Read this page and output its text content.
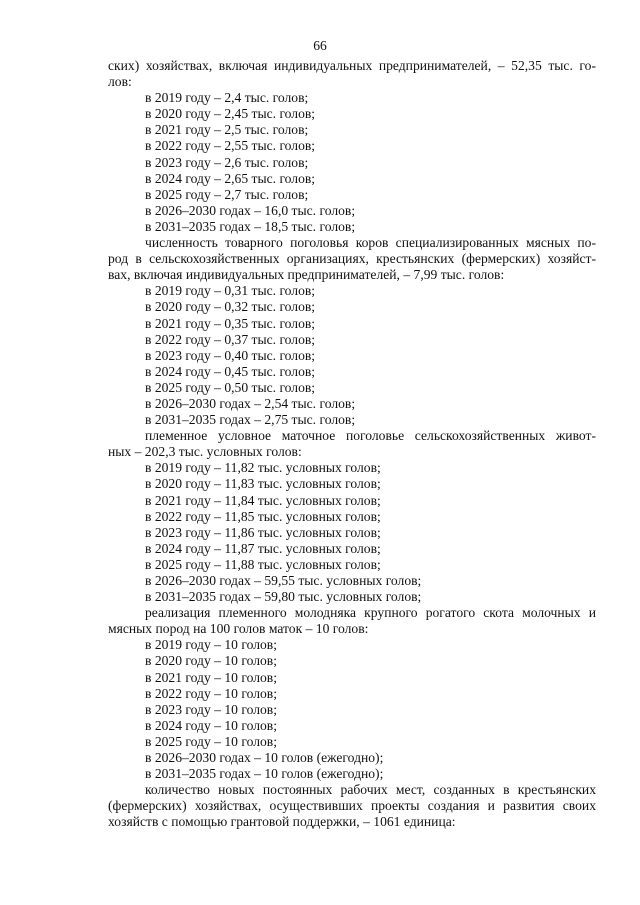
66

ских) хозяйствах, включая индивидуальных предпринимателей, – 52,35 тыс. го-

лов:

в 2019 году – 2,4 тыс. голов;

в 2020 году – 2,45 тыс. голов;

в 2021 году – 2,5 тыс. голов;

в 2022 году – 2,55 тыс. голов;

в 2023 году – 2,6 тыс. голов;

в 2024 году – 2,65 тыс. голов;

в 2025 году – 2,7 тыс. голов;

в 2026–2030 годах – 16,0 тыс. голов;

в 2031–2035 годах – 18,5 тыс. голов;

численность товарного поголовья коров специализированных мясных по-

род в сельскохозяйственных организациях, крестьянских (фермерских) хозяйст-

вах, включая индивидуальных предпринимателей, – 7,99 тыс. голов:

в 2019 году – 0,31 тыс. голов;

в 2020 году – 0,32 тыс. голов;

в 2021 году – 0,35 тыс. голов;

в 2022 году – 0,37 тыс. голов;

в 2023 году – 0,40 тыс. голов;

в 2024 году – 0,45 тыс. голов;

в 2025 году – 0,50 тыс. голов;

в 2026–2030 годах – 2,54 тыс. голов;

в 2031–2035 годах – 2,75 тыс. голов;

племенное условное маточное поголовье сельскохозяйственных живот-

ных – 202,3 тыс. условных голов:

в 2019 году – 11,82 тыс. условных голов;

в 2020 году – 11,83 тыс. условных голов;

в 2021 году – 11,84 тыс. условных голов;

в 2022 году – 11,85 тыс. условных голов;

в 2023 году – 11,86 тыс. условных голов;

в 2024 году – 11,87 тыс. условных голов;

в 2025 году – 11,88 тыс. условных голов;

в 2026–2030 годах – 59,55 тыс. условных голов;

в 2031–2035 годах – 59,80 тыс. условных голов;

реализация племенного молодняка крупного рогатого скота молочных и

мясных пород на 100 голов маток – 10 голов:

в 2019 году – 10 голов;

в 2020 году – 10 голов;

в 2021 году – 10 голов;

в 2022 году – 10 голов;

в 2023 году – 10 голов;

в 2024 году – 10 голов;

в 2025 году – 10 голов;

в 2026–2030 годах – 10 голов (ежегодно);

в 2031–2035 годах – 10 голов (ежегодно);

количество новых постоянных рабочих мест, созданных в крестьянских

(фермерских) хозяйствах, осуществивших проекты создания и развития своих

хозяйств с помощью грантовой поддержки, – 1061 единица:
